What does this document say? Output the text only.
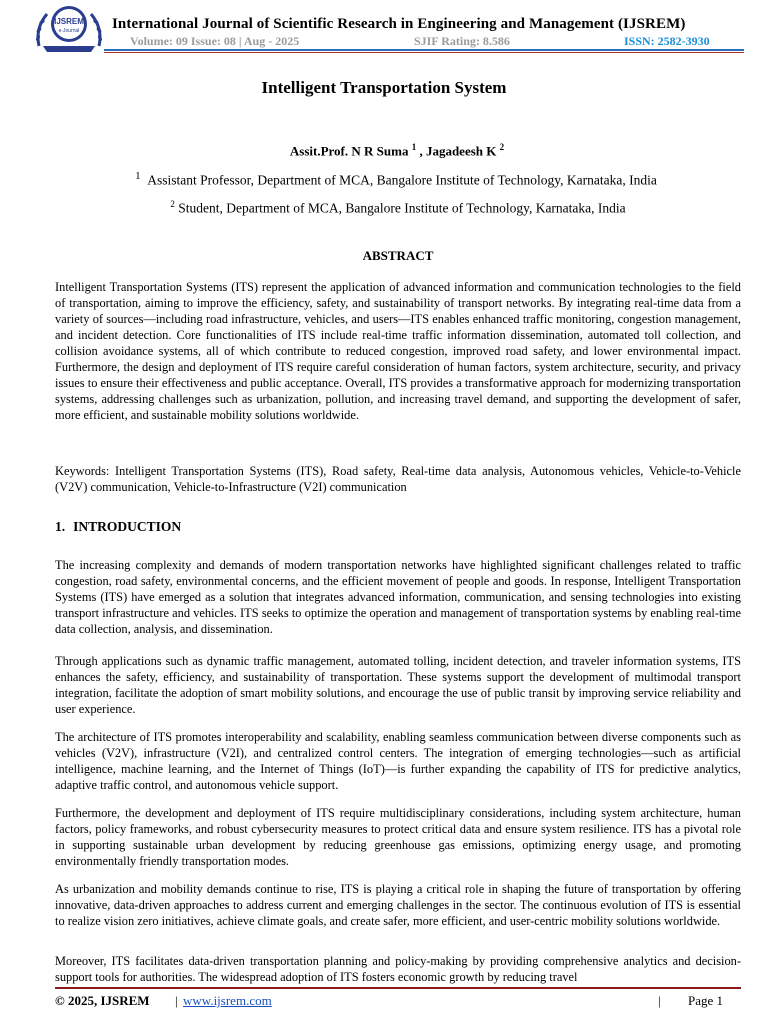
IJSREM
e-Journal International Journal of Scientific Research in Engineering and Management (IJSREM)
Volume: 09 Issue: 08 | Aug - 2025	SJIF Rating: 8.586	ISSN: 2582-3930
Intelligent Transportation System
Assit.Prof. N R Suma $^1$ , Jagadeesh K $^2$
$^1$ Assistant Professor, Department of MCA, Bangalore Institute of Technology, Karnataka, India
$^2$ Student, Department of MCA, Bangalore Institute of Technology, Karnataka, India
ABSTRACT

Intelligent Transportation Systems (ITS) represent the application of advanced information and communication technologies to the field of transportation, aiming to improve the efficiency, safety, and sustainability of transport networks. By integrating real-time data from a variety of sources—including road infrastructure, vehicles, and users—ITS enables enhanced traffic monitoring, congestion management, and incident detection. Core functionalities of ITS include real-time traffic information dissemination, automated toll collection, and collision avoidance systems, all of which contribute to reduced congestion, improved road safety, and lower environmental impact. Furthermore, the design and deployment of ITS require careful consideration of human factors, system architecture, security, and privacy issues to ensure their effectiveness and public acceptance. Overall, ITS provides a transformative approach for modernizing transportation systems, addressing challenges such as urbanization, pollution, and increasing travel demand, and supporting the development of safer, more efficient, and sustainable mobility solutions worldwide.

Keywords: Intelligent Transportation Systems (ITS), Road safety, Real-time data analysis, Autonomous vehicles, Vehicle-to-Vehicle (V2V) communication, Vehicle-to-Infrastructure (V2I) communication

1. INTRODUCTION

The increasing complexity and demands of modern transportation networks have highlighted significant challenges related to traffic congestion, road safety, environmental concerns, and the efficient movement of people and goods. In response, Intelligent Transportation Systems (ITS) have emerged as a solution that integrates advanced information, communication, and sensing technologies into existing transport infrastructure and vehicles. ITS seeks to optimize the operation and management of transportation systems by enabling real-time data collection, analysis, and dissemination.

Through applications such as dynamic traffic management, automated tolling, incident detection, and traveler information systems, ITS enhances the safety, efficiency, and sustainability of transportation. These systems support the development of multimodal transport integration, facilitate the adoption of smart mobility solutions, and encourage the use of public transit by improving service reliability and user experience.

The architecture of ITS promotes interoperability and scalability, enabling seamless communication between diverse components such as vehicles (V2V), infrastructure (V2I), and centralized control centers. The integration of emerging technologies—such as artificial intelligence, machine learning, and the Internet of Things (IoT)—is further expanding the capability of ITS for predictive analytics, adaptive traffic control, and autonomous vehicle support.

Furthermore, the development and deployment of ITS require multidisciplinary considerations, including system architecture, human factors, policy frameworks, and robust cybersecurity measures to protect critical data and ensure system resilience. ITS has a pivotal role in supporting sustainable urban development by reducing greenhouse gas emissions, optimizing energy usage, and promoting environmentally friendly transportation modes.

As urbanization and mobility demands continue to rise, ITS is playing a critical role in shaping the future of transportation by offering innovative, data-driven approaches to address current and emerging challenges in the sector. The continuous evolution of ITS is essential to realize vision zero initiatives, achieve climate goals, and create safer, more efficient, and user-centric mobility solutions worldwide.

Moreover, ITS facilitates data-driven transportation planning and policy-making by providing comprehensive analytics and decision- support tools for authorities. The widespread adoption of ITS fosters economic growth by reducing travel

© 2025, IJSREM | www.ijsrem.com	| Page 1
